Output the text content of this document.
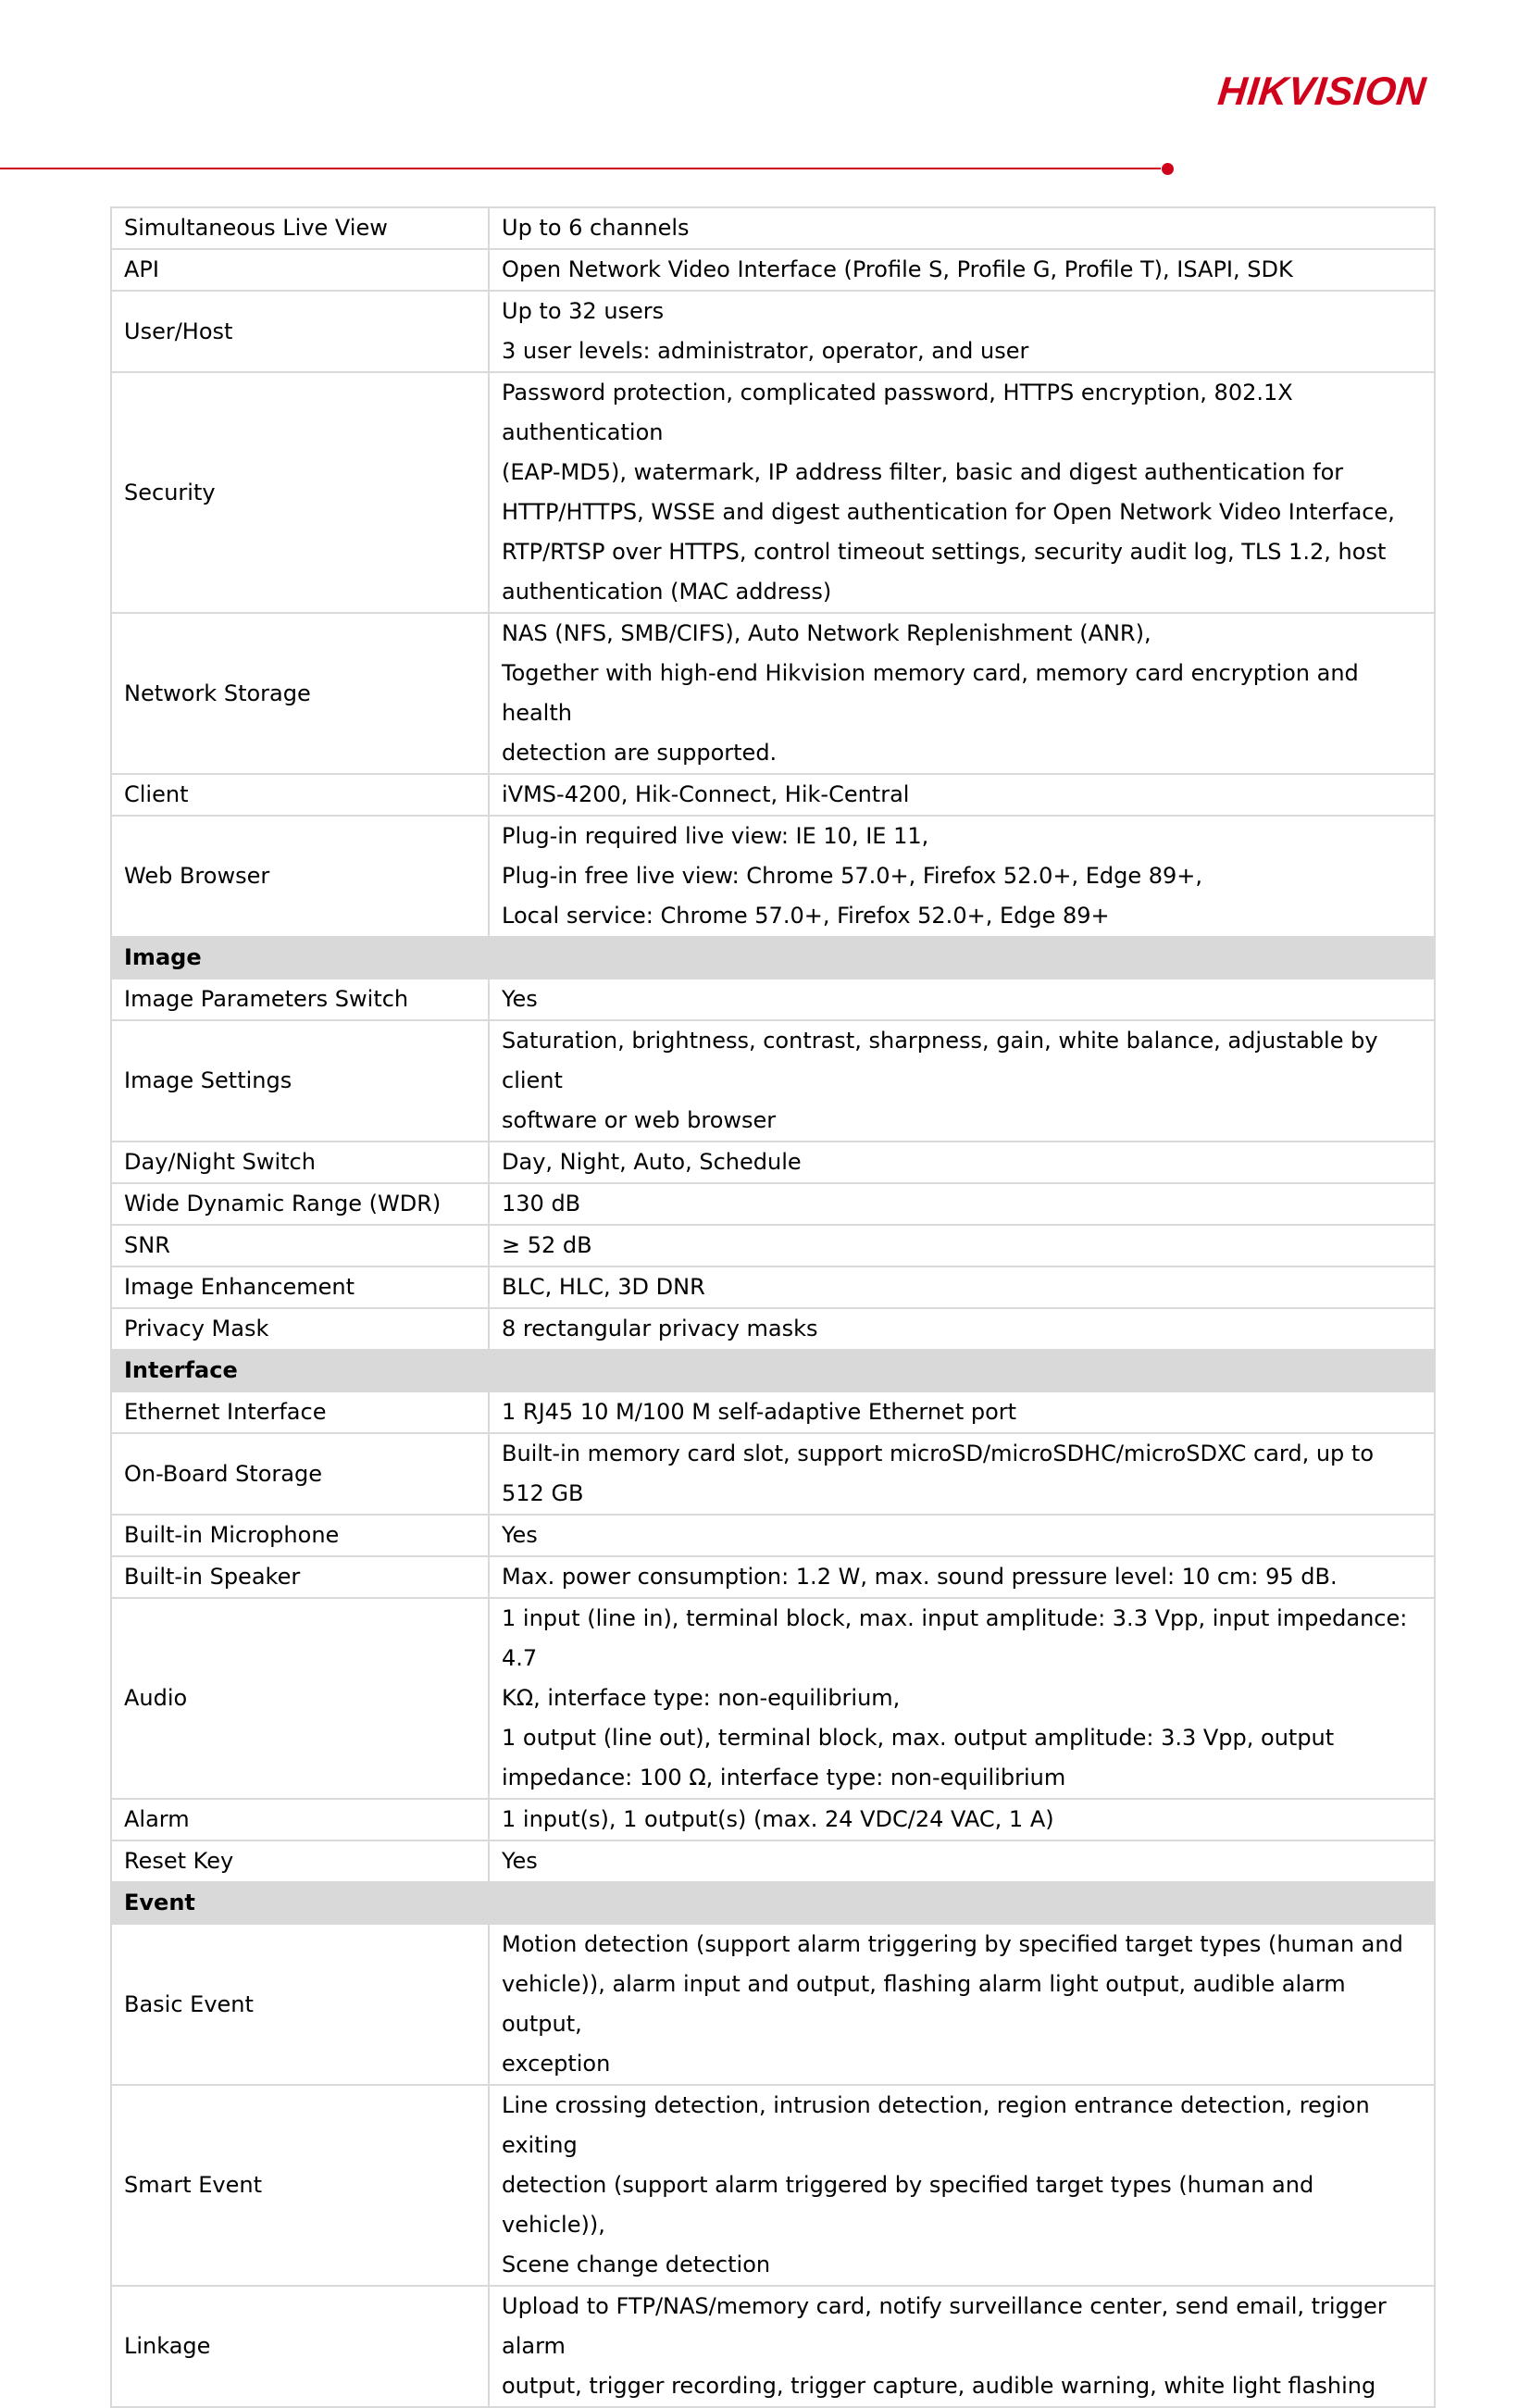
HIKVISION
Simultaneous Live View	Up to 6 channels

API	Open Network Video Interface (Profile S, Profile G, Profile T), ISAPI, SDK

User/Host	Up to 32 users
3 user levels: administrator, operator, and user

Security	Password protection, complicated password, HTTPS encryption, 802.1X authentication
(EAP-MD5), watermark, IP address filter, basic and digest authentication for
HTTP/HTTPS, WSSE and digest authentication for Open Network Video Interface,
RTP/RTSP over HTTPS, control timeout settings, security audit log, TLS 1.2, host
authentication (MAC address)

Network Storage	NAS (NFS, SMB/CIFS), Auto Network Replenishment (ANR),
Together with high-end Hikvision memory card, memory card encryption and health
detection are supported.

Client	iVMS-4200, Hik-Connect, Hik-Central

Web Browser	Plug-in required live view: IE 10, IE 11,
Plug-in free live view: Chrome 57.0+, Firefox 52.0+, Edge 89+,
Local service: Chrome 57.0+, Firefox 52.0+, Edge 89+

Image	
Image Parameters Switch	Yes

Image Settings	Saturation, brightness, contrast, sharpness, gain, white balance, adjustable by client
software or web browser

Day/Night Switch	Day, Night, Auto, Schedule

Wide Dynamic Range (WDR)	130 dB

SNR	≥ 52 dB

Image Enhancement	BLC, HLC, 3D DNR

Privacy Mask	8 rectangular privacy masks

Interface	
Ethernet Interface	1 RJ45 10 M/100 M self-adaptive Ethernet port

On-Board Storage	Built-in memory card slot, support microSD/microSDHC/microSDXC card, up to 512 GB

Built-in Microphone	Yes

Built-in Speaker	Max. power consumption: 1.2 W, max. sound pressure level: 10 cm: 95 dB.

Audio	1 input (line in), terminal block, max. input amplitude: 3.3 Vpp, input impedance: 4.7
KΩ, interface type: non-equilibrium,
1 output (line out), terminal block, max. output amplitude: 3.3 Vpp, output
impedance: 100 Ω, interface type: non-equilibrium

Alarm	1 input(s), 1 output(s) (max. 24 VDC/24 VAC, 1 A)

Reset Key	Yes

Event	
Basic Event	Motion detection (support alarm triggering by specified target types (human and
vehicle)), alarm input and output, flashing alarm light output, audible alarm output,
exception

Smart Event	Line crossing detection, intrusion detection, region entrance detection, region exiting
detection (support alarm triggered by specified target types (human and vehicle)),
Scene change detection

Linkage	Upload to FTP/NAS/memory card, notify surveillance center, send email, trigger alarm
output, trigger recording, trigger capture, audible warning, white light flashing
